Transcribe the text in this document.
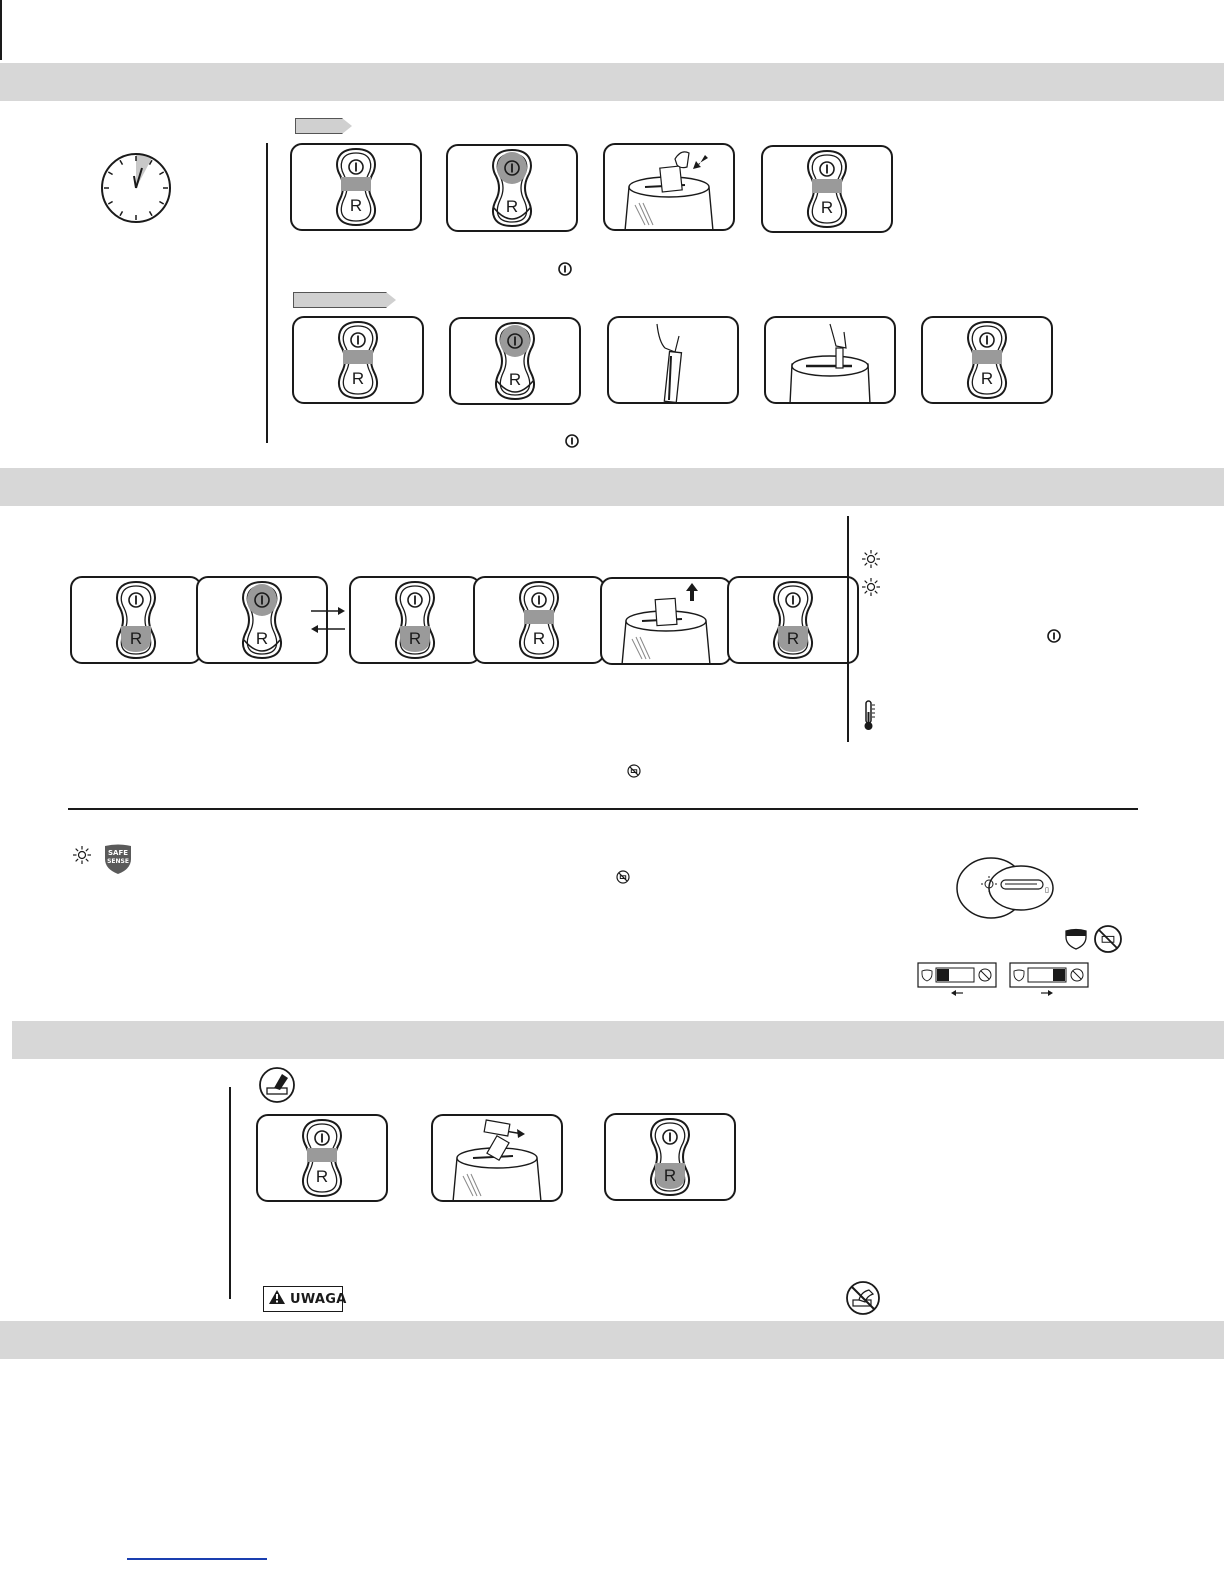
R	R	R
R	R	R
R	R	R	R	R
SAFE
SENSE
▯
R	R
UWAGA
